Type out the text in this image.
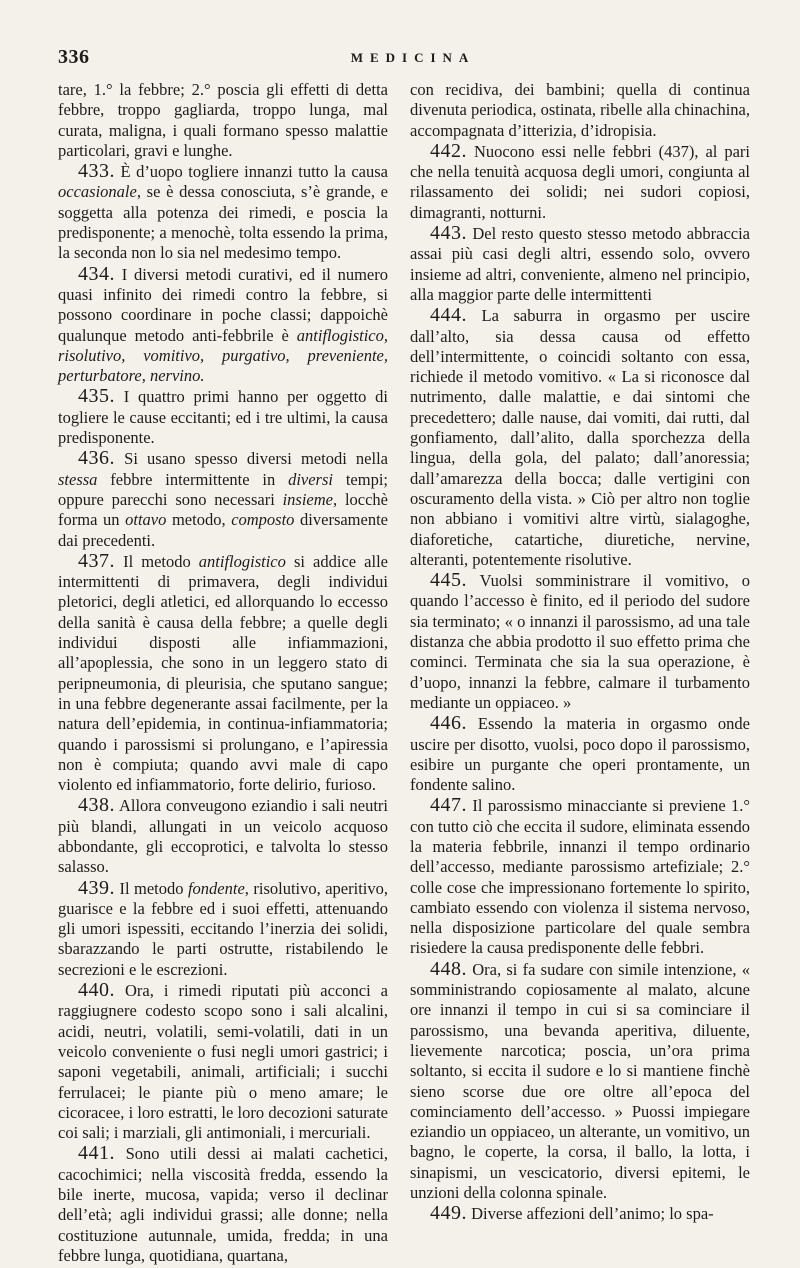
336	MEDICINA

tare, 1.° la febbre; 2.° poscia gli effetti di detta febbre, troppo gagliarda, troppo lunga, mal curata, maligna, i quali formano spesso malattie particolari, gravi e lunghe.

433. È d’uopo togliere innanzi tutto la causa occasionale, se è dessa conosciuta, s’è grande, e soggetta alla potenza dei rimedi, e poscia la predisponente; a menochè, tolta essendo la prima, la seconda non lo sia nel medesimo tempo.

434. I diversi metodi curativi, ed il numero quasi infinito dei rimedi contro la febbre, si possono coordinare in poche classi; dappoichè qualunque metodo anti-febbrile è antiflogistico, risolutivo, vomitivo, purgativo, preveniente, perturbatore, nervino.

435. I quattro primi hanno per oggetto di togliere le cause eccitanti; ed i tre ultimi, la causa predisponente.

436. Si usano spesso diversi metodi nella stessa febbre intermittente in diversi tempi; oppure parecchi sono necessari insieme, locchè forma un ottavo metodo, composto diversamente dai precedenti.

437. Il metodo antiflogistico si addice alle intermittenti di primavera, degli individui pletorici, degli atletici, ed allorquando lo eccesso della sanità è causa della febbre; a quelle degli individui disposti alle infiammazioni, all’apoplessia, che sono in un leggero stato di peripneumonia, di pleurisia, che sputano sangue; in una febbre degenerante assai facilmente, per la natura dell’epidemia, in continua-infiammatoria; quando i parossismi si prolungano, e l’apiressia non è compiuta; quando avvi male di capo violento ed infiammatorio, forte delirio, furioso.

438. Allora conveugono eziandio i sali neutri più blandi, allungati in un veicolo acquoso abbondante, gli eccoprotici, e talvolta lo stesso salasso.

439. Il metodo fondente, risolutivo, aperitivo, guarisce e la febbre ed i suoi effetti, attenuando gli umori ispessiti, eccitando l’inerzia dei solidi, sbarazzando le parti ostrutte, ristabilendo le secrezioni e le escrezioni.

440. Ora, i rimedi riputati più acconci a raggiugnere codesto scopo sono i sali alcalini, acidi, neutri, volatili, semi-volatili, dati in un veicolo conveniente o fusi negli umori gastrici; i saponi vegetabili, animali, artificiali; i succhi ferrulacei; le piante più o meno amare; le cicoracee, i loro estratti, le loro decozioni saturate coi sali; i marziali, gli antimoniali, i mercuriali.

441. Sono utili dessi ai malati cachetici, cacochimici; nella viscosità fredda, essendo la bile inerte, mucosa, vapida; verso il declinar dell’età; agli individui grassi; alle donne; nella costituzione autunnale, umida, fredda; in una febbre lunga, quotidiana, quartana,

con recidiva, dei bambini; quella di continua divenuta periodica, ostinata, ribelle alla chinachina, accompagnata d’itterizia, d’idropisia.

442. Nuocono essi nelle febbri (437), al pari che nella tenuità acquosa degli umori, congiunta al rilassamento dei solidi; nei sudori copiosi, dimagranti, notturni.

443. Del resto questo stesso metodo abbraccia assai più casi degli altri, essendo solo, ovvero insieme ad altri, conveniente, almeno nel principio, alla maggior parte delle intermittenti

444. La saburra in orgasmo per uscire dall’alto, sia dessa causa od effetto dell’intermittente, o coincidi soltanto con essa, richiede il metodo vomitivo. « La si riconosce dal nutrimento, dalle malattie, e dai sintomi che precedettero; dalle nause, dai vomiti, dai rutti, dal gonfiamento, dall’alito, dalla sporchezza della lingua, della gola, del palato; dall’anoressia; dall’amarezza della bocca; dalle vertigini con oscuramento della vista. » Ciò per altro non toglie non abbiano i vomitivi altre virtù, sialagoghe, diaforetiche, catartiche, diuretiche, nervine, alteranti, potentemente risolutive.

445. Vuolsi somministrare il vomitivo, o quando l’accesso è finito, ed il periodo del sudore sia terminato; « o innanzi il parossismo, ad una tale distanza che abbia prodotto il suo effetto prima che cominci. Terminata che sia la sua operazione, è d’uopo, innanzi la febbre, calmare il turbamento mediante un oppiaceo. »

446. Essendo la materia in orgasmo onde uscire per disotto, vuolsi, poco dopo il parossismo, esibire un purgante che operi prontamente, un fondente salino.

447. Il parossismo minacciante si previene 1.° con tutto ciò che eccita il sudore, eliminata essendo la materia febbrile, innanzi il tempo ordinario dell’accesso, mediante parossismo artefiziale; 2.° colle cose che impressionano fortemente lo spirito, cambiato essendo con violenza il sistema nervoso, nella disposizione particolare del quale sembra risiedere la causa predisponente delle febbri.

448. Ora, si fa sudare con simile intenzione, « somministrando copiosamente al malato, alcune ore innanzi il tempo in cui si sa cominciare il parossismo, una bevanda aperitiva, diluente, lievemente narcotica; poscia, un’ora prima soltanto, si eccita il sudore e lo si mantiene finchè sieno scorse due ore oltre all’epoca del cominciamento dell’accesso. » Puossi impiegare eziandio un oppiaceo, un alterante, un vomitivo, un bagno, le coperte, la corsa, il ballo, la lotta, i sinapismi, un vescicatorio, diversi epitemi, le unzioni della colonna spinale.

449. Diverse affezioni dell’animo; lo spa-
